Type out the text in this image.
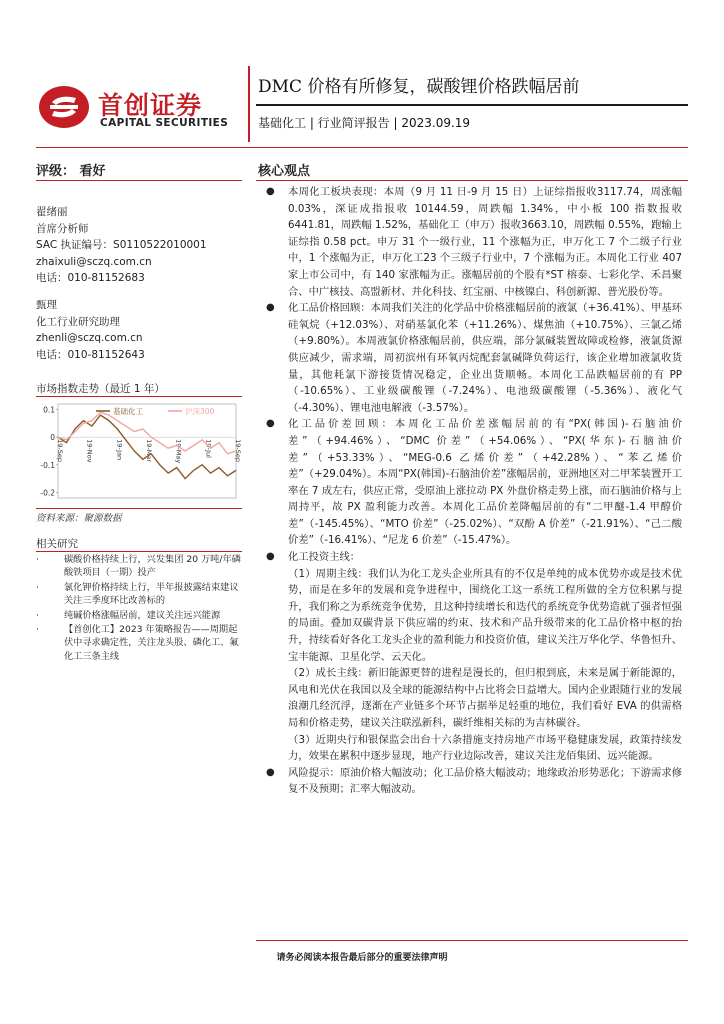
首创证券
CAPITAL SECURITIES
DMC 价格有所修复，碳酸锂价格跌幅居前
基础化工 | 行业简评报告 | 2023.09.19
评级： 看好
翟绪丽
首席分析师
SAC 执证编号：S0110522010001
zhaixuli@sczq.com.cn
电话：010-81152683
甄理
化工行业研究助理
zhenli@sczq.com.cn
电话：010-81152643
市场指数走势（最近 1 年）
0.1
0
-0.1
-0.2
19-Sep	19-Nov	19-Jan	19-Mar	19-May	19-Jul	19-Sep
基础化工	沪深300
资料来源：聚源数据
相关研究
·	碳酸价格持续上行，兴发集团 20 万吨/年磷酸铁项目（一期）投产
·	氯化钾价格持续上行，半年报披露结束建议关注三季度环比改善标的
·	纯碱价格涨幅居前，建议关注远兴能源
·	【首创化工】2023 年策略报告——周期起伏中寻求确定性，关注龙头股、磷化工、氟化工三条主线
核心观点
● 本周化工板块表现：本周（9 月 11 日-9 月 15 日）上证综指报收3117.74，周涨幅 0.03%，深证成指报收 10144.59，周跌幅 1.34%，中小板 100 指数报收 6441.81，周跌幅 1.52%，基础化工（申万）报收3663.10，周跌幅 0.55%，跑输上证综指 0.58 pct。申万 31 个一级行业，11 个涨幅为正，申万化工 7 个二级子行业中，1 个涨幅为正，申万化工23 个三级子行业中，7 个涨幅为正。本周化工行业 407 家上市公司中，有 140 家涨幅为正。涨幅居前的个股有*ST 榕泰、七彩化学、禾昌聚合、中广核技、高盟新材、并化科技、红宝丽、中核镍白、科创新源、普光股份等。
● 化工品价格回顾：本周我们关注的化学品中价格涨幅居前的液氯（+36.41%）、甲基环硅氧烷（+12.03%）、对硝基氯化苯（+11.26%）、煤焦油（+10.75%）、三氯乙烯（+9.80%）。本周液氯价格涨幅居前，供应端，部分氯碱装置故障或检修，液氯货源供应减少，需求端，周初滨州有环氧丙烷配套氯碱降负荷运行，该企业增加液氯收货量，其他耗氯下游接货情况稳定，企业出货顺畅。本周化工品跌幅居前的有 PP（-10.65%）、工业级碳酸锂（-7.24%）、电池级碳酸锂（-5.36%）、液化气（-4.30%）、锂电池电解液（-3.57%）。
● 化工品价差回顾：本周化工品价差涨幅居前的有“PX(韩国)-石脑油价差”（+94.46%）、“DMC 价差”（+54.06%）、“PX(华东)-石脑油价差”（+53.33%）、“MEG-0.6 乙烯价差”（+42.28%）、“苯乙烯价差”（+29.04%）。本周“PX(韩国)-石脑油价差”涨幅居前，亚洲地区对二甲苯装置开工率在 7 成左右，供应正常，受原油上涨拉动 PX 外盘价格走势上涨，而石脑油价格与上周持平，故 PX 盈利能力改善。本周化工品价差降幅居前的有“二甲醚-1.4 甲醇价差”（-145.45%）、“MTO 价差”（-25.02%）、“双酚 A 价差”（-21.91%）、“己二酸价差”（-16.41%）、“尼龙 6 价差”（-15.47%）。
● 化工投资主线：
（1）周期主线：我们认为化工龙头企业所具有的不仅是单纯的成本优势亦或是技术优势，而是在多年的发展和竞争进程中，围绕化工这一系统工程所做的全方位积累与提升，我们称之为系统竞争优势，且这种持续增长和迭代的系统竞争优势造就了强者恒强的局面。叠加双碳背景下供应端的约束、技术和产品升级带来的化工品价格中枢的抬升，持续看好各化工龙头企业的盈利能力和投资价值，建议关注万华化学、华鲁恒升、宝丰能源、卫星化学、云天化。
（2）成长主线：新旧能源更替的进程是漫长的，但归根到底，未来是属于新能源的，风电和光伏在我国以及全球的能源结构中占比将会日益增大。国内企业跟随行业的发展浪潮几经沉浮，逐渐在产业链多个环节占据举足轻重的地位，我们看好 EVA 的供需格局和价格走势，建议关注联泓新科，碳纤维相关标的为吉林碳谷。
（3）近期央行和银保监会出台十六条措施支持房地产市场平稳健康发展，政策持续发力，效果在累积中逐步显现，地产行业边际改善，建议关注龙佰集团、远兴能源。
● 风险提示：原油价格大幅波动；化工品价格大幅波动；地缘政治形势恶化；下游需求修复不及预期；汇率大幅波动。
请务必阅读本报告最后部分的重要法律声明
